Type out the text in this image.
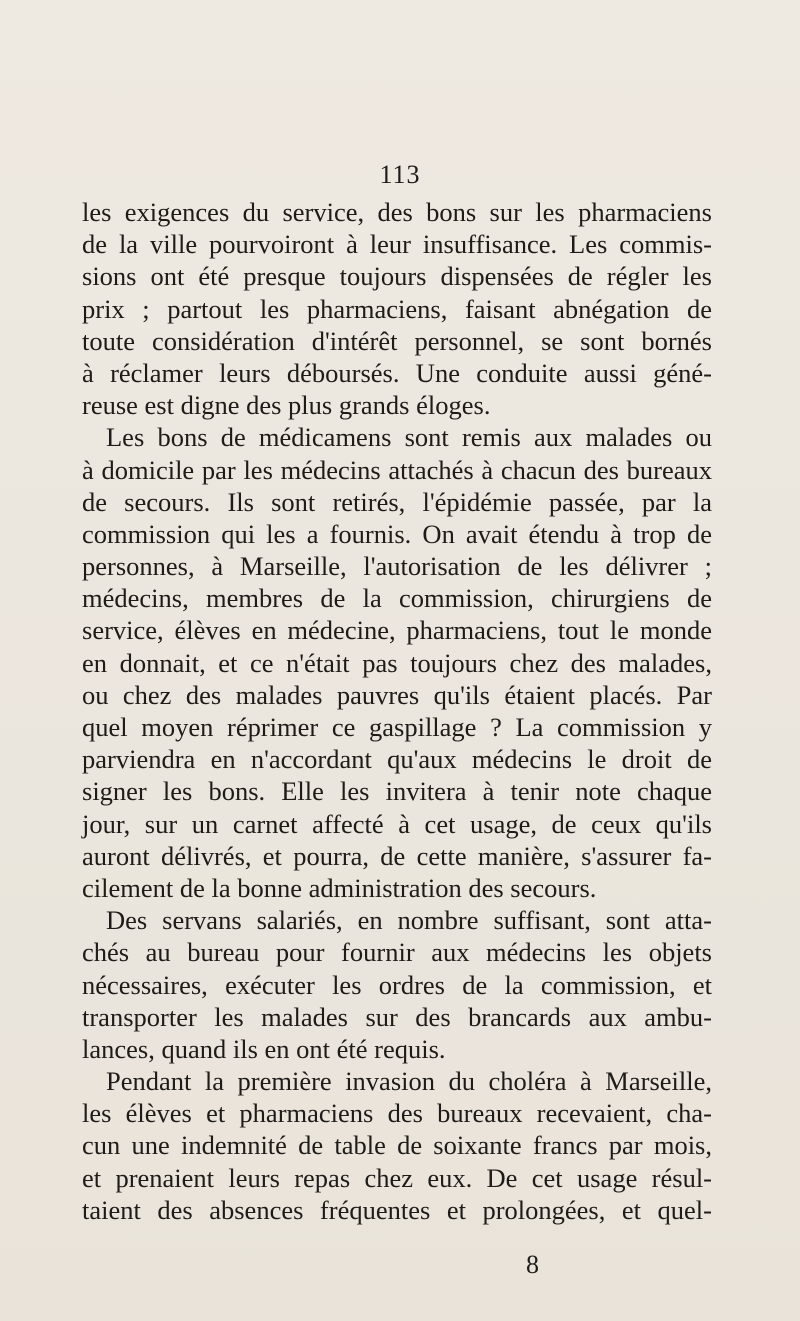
113
les exigences du service, des bons sur les pharmaciens
de la ville pourvoiront à leur insuffisance. Les commis-
sions ont été presque toujours dispensées de régler les
prix ; partout les pharmaciens, faisant abnégation de
toute considération d'intérêt personnel, se sont bornés
à réclamer leurs déboursés. Une conduite aussi géné-
reuse est digne des plus grands éloges.
Les bons de médicamens sont remis aux malades ou
à domicile par les médecins attachés à chacun des bureaux
de secours. Ils sont retirés, l'épidémie passée, par la
commission qui les a fournis. On avait étendu à trop de
personnes, à Marseille, l'autorisation de les délivrer ;
médecins, membres de la commission, chirurgiens de
service, élèves en médecine, pharmaciens, tout le monde
en donnait, et ce n'était pas toujours chez des malades,
ou chez des malades pauvres qu'ils étaient placés. Par
quel moyen réprimer ce gaspillage ? La commission y
parviendra en n'accordant qu'aux médecins le droit de
signer les bons. Elle les invitera à tenir note chaque
jour, sur un carnet affecté à cet usage, de ceux qu'ils
auront délivrés, et pourra, de cette manière, s'assurer fa-
cilement de la bonne administration des secours.
Des servans salariés, en nombre suffisant, sont atta-
chés au bureau pour fournir aux médecins les objets
nécessaires, exécuter les ordres de la commission, et
transporter les malades sur des brancards aux ambu-
lances, quand ils en ont été requis.
Pendant la première invasion du choléra à Marseille,
les élèves et pharmaciens des bureaux recevaient, cha-
cun une indemnité de table de soixante francs par mois,
et prenaient leurs repas chez eux. De cet usage résul-
taient des absences fréquentes et prolongées, et quel-
8
